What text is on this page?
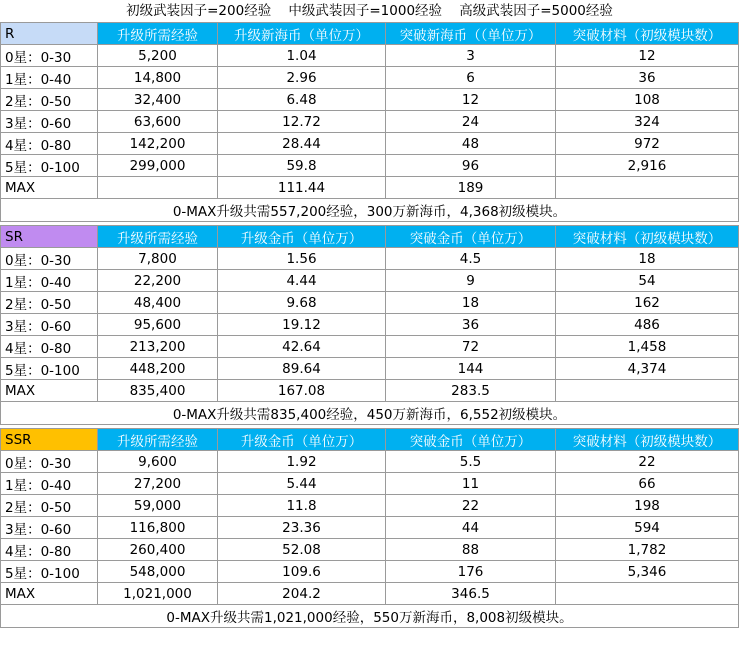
初级武装因子=200经验    中级武装因子=1000经验    高级武装因子=5000经验
R	升级所需经验	升级新海币（单位万）	突破新海币（（单位万）	突破材料（初级模块数）
0星：0-30	5,200	1.04	3	12
1星：0-40	14,800	2.96	6	36
2星：0-50	32,400	6.48	12	108
3星：0-60	63,600	12.72	24	324
4星：0-80	142,200	28.44	48	972
5星：0-100	299,000	59.8	96	2,916
MAX		111.44	189	
0-MAX升级共需557,200经验，300万新海币，4,368初级模块。				
SR	升级所需经验	升级金币（单位万）	突破金币（单位万）	突破材料（初级模块数）
0星：0-30	7,800	1.56	4.5	18
1星：0-40	22,200	4.44	9	54
2星：0-50	48,400	9.68	18	162
3星：0-60	95,600	19.12	36	486
4星：0-80	213,200	42.64	72	1,458
5星：0-100	448,200	89.64	144	4,374
MAX	835,400	167.08	283.5	
0-MAX升级共需835,400经验，450万新海币，6,552初级模块。				
SSR	升级所需经验	升级金币（单位万）	突破金币（单位万）	突破材料（初级模块数）
0星：0-30	9,600	1.92	5.5	22
1星：0-40	27,200	5.44	11	66
2星：0-50	59,000	11.8	22	198
3星：0-60	116,800	23.36	44	594
4星：0-80	260,400	52.08	88	1,782
5星：0-100	548,000	109.6	176	5,346
MAX	1,021,000	204.2	346.5	
0-MAX升级共需1,021,000经验，550万新海币，8,008初级模块。				
